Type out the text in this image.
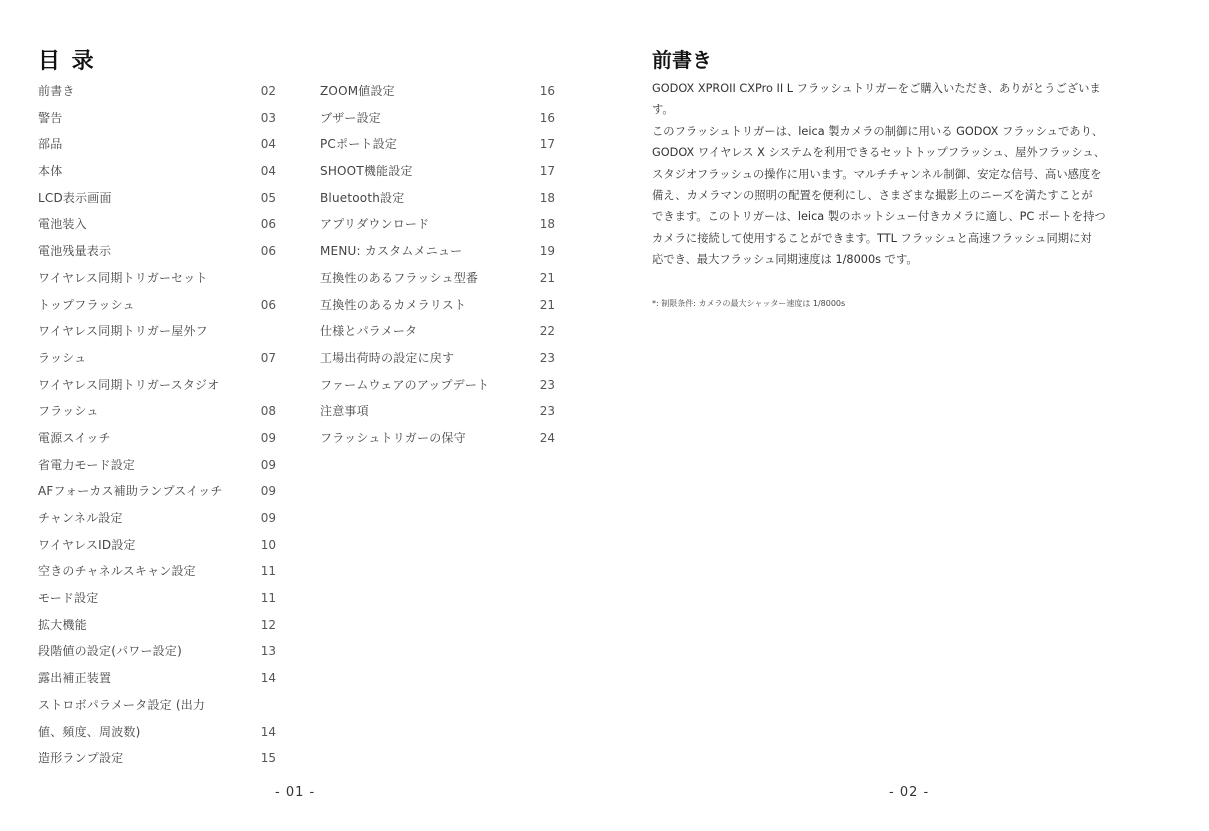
目 录
前書き	02
警告	03
部品	04
本体	04
LCD表示画面	05
電池装入	06
電池残量表示	06
ワイヤレス同期トリガーセット
トップフラッシュ	06
ワイヤレス同期トリガー屋外フ
ラッシュ	07
ワイヤレス同期トリガースタジオ
フラッシュ	08
電源スイッチ	09
省電力モード設定	09
AFフォーカス補助ランプスイッチ	09
チャンネル設定	09
ワイヤレスID設定	10
空きのチャネルスキャン設定	11
モード設定	11
拡大機能	12
段階値の設定(パワー設定)	13
露出補正装置	14
ストロボパラメータ設定 (出力
値、頻度、周波数)	14
造形ランプ設定	15
ZOOM値設定	16
ブザー設定	16
PCポート設定	17
SHOOT機能設定	17
Bluetooth設定	18
アプリダウンロード	18
MENU: カスタムメニュー	19
互換性のあるフラッシュ型番	21
互換性のあるカメラリスト	21
仕様とパラメータ	22
工場出荷時の設定に戻す	23
ファームウェアのアップデート	23
注意事項	23
フラッシュトリガーの保守	24
- 01 -
前書き
GODOX XPROII CXPro II L フラッシュトリガーをご購入いただき、ありがとうございま
す。
このフラッシュトリガーは、leica 製カメラの制御に用いる GODOX フラッシュであり、
GODOX ワイヤレス X システムを利用できるセットトップフラッシュ、屋外フラッシュ、
スタジオフラッシュの操作に用います。マルチチャンネル制御、安定な信号、高い感度を
備え、カメラマンの照明の配置を便利にし、さまざまな撮影上のニーズを満たすことが
できます。このトリガーは、leica 製のホットシュー付きカメラに適し、PC ポートを持つ
カメラに接続して使用することができます。TTL フラッシュと高速フラッシュ同期に対
応でき、最大フラッシュ同期速度は 1/8000s です。
*: 制限条件: カメラの最大シャッター速度は 1/8000s
- 02 -
